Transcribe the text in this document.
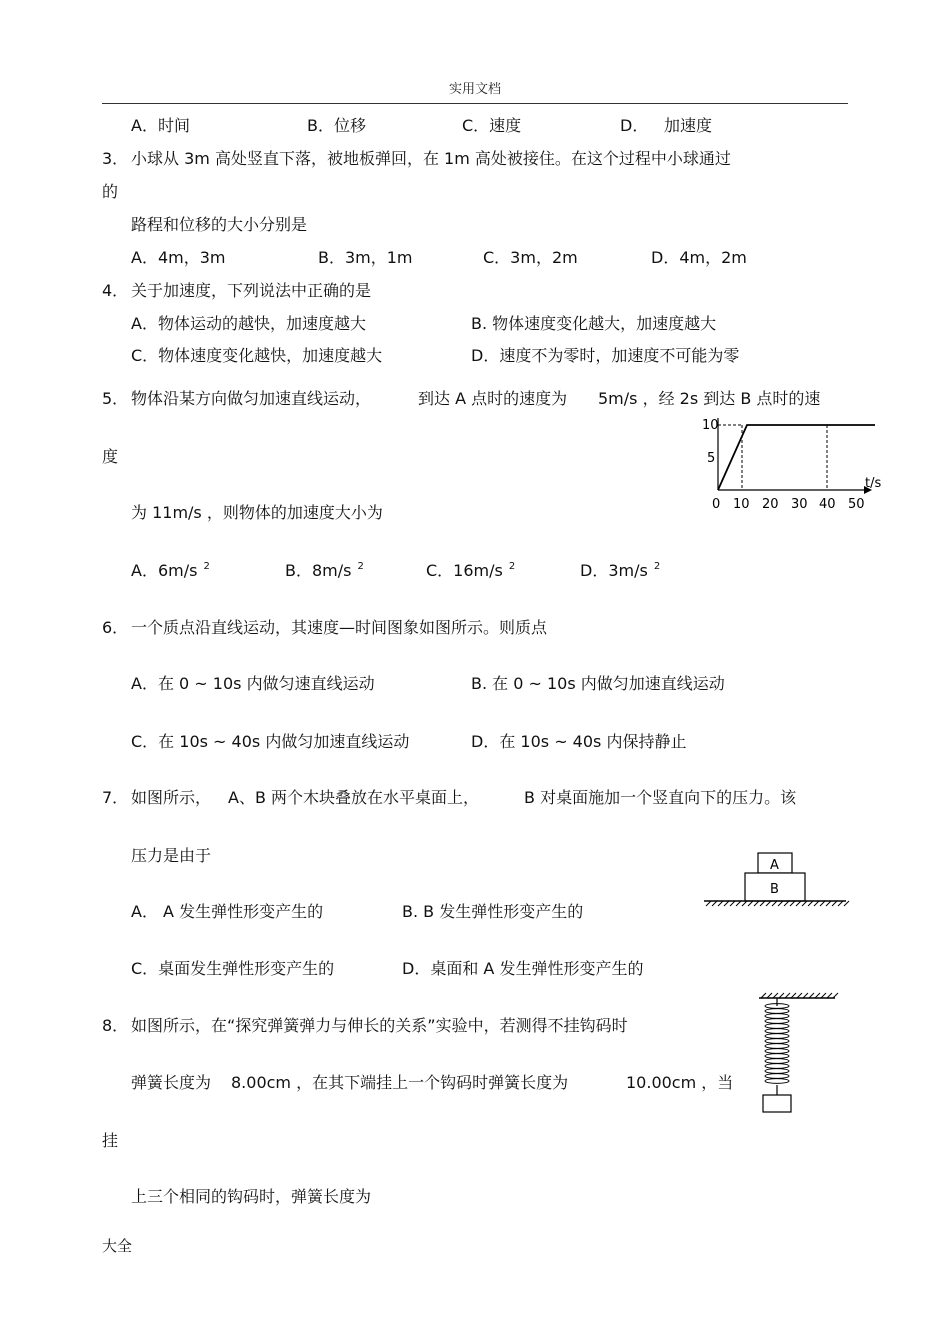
实用文档
A．时间	B．位移	C．速度	D． 加速度
3． 小球从 3m 高处竖直下落，被地板弹回，在 1m 高处被接住。在这个过程中小球通过
的
路程和位移的大小分别是
A．4m，3m	B．3m，1m	C．3m，2m	D．4m，2m
4． 关于加速度，下列说法中正确的是
A．物体运动的越快，加速度越大	B. 物体速度变化越大，加速度越大
C．物体速度变化越快，加速度越大	D．速度不为零时，加速度不可能为零
5． 物体沿某方向做匀加速直线运动，	到达 A 点时的速度为 5m/s ，经 2s 到达 B 点时的速
度
为 11m/s ，则物体的加速度大小为
A．6m/s $^2$	B．8m/s $^2$	C．16m/s $^2$	D．3m/s $^2$
10
5
t/s
0 10 20 30 40 50
6． 一个质点沿直线运动，其速度—时间图象如图所示。则质点
A．在 0 ~ 10s 内做匀速直线运动	B. 在 0 ~ 10s 内做匀加速直线运动
C．在 10s ~ 40s 内做匀加速直线运动	D．在 10s ~ 40s 内保持静止
7． 如图所示， A、B 两个木块叠放在水平桌面上，	B 对桌面施加一个竖直向下的压力。该
压力是由于
A． A 发生弹性形变产生的	B. B 发生弹性形变产生的
C．桌面发生弹性形变产生的	D．桌面和 A 发生弹性形变产生的
A
B
8． 如图所示，在“探究弹簧弹力与伸长的关系”实验中，若测得不挂钩码时
弹簧长度为 8.00cm ，在其下端挂上一个钩码时弹簧长度为	10.00cm ，当
挂
上三个相同的钩码时，弹簧长度为
大全
